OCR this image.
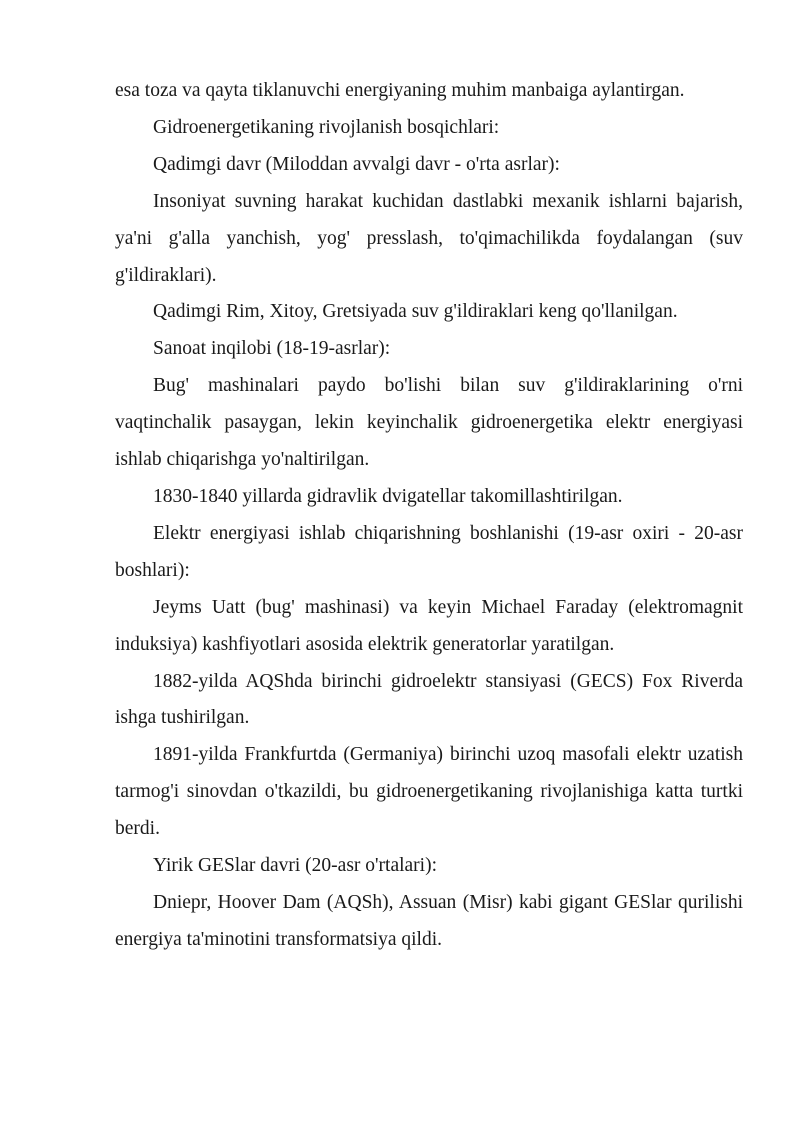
esa toza va qayta tiklanuvchi energiyaning muhim manbaiga aylantirgan.

Gidroenergetikaning rivojlanish bosqichlari:

Qadimgi davr (Miloddan avvalgi davr - o'rta asrlar):

Insoniyat suvning harakat kuchidan dastlabki mexanik ishlarni bajarish, ya'ni g'alla yanchish, yog' presslash, to'qimachilikda foydalangan (suv g'ildiraklari).

Qadimgi Rim, Xitoy, Gretsiyada suv g'ildiraklari keng qo'llanilgan.

Sanoat inqilobi (18-19-asrlar):

Bug' mashinalari paydo bo'lishi bilan suv g'ildiraklarining o'rni vaqtinchalik pasaygan, lekin keyinchalik gidroenergetika elektr energiyasi ishlab chiqarishga yo'naltirilgan.

1830-1840 yillarda gidravlik dvigatellar takomillashtirilgan.

Elektr energiyasi ishlab chiqarishning boshlanishi (19-asr oxiri - 20-asr boshlari):

Jeyms Uatt (bug' mashinasi) va keyin Michael Faraday (elektromagnit induksiya) kashfiyotlari asosida elektrik generatorlar yaratilgan.

1882-yilda AQShda birinchi gidroelektr stansiyasi (GECS) Fox Riverda ishga tushirilgan.

1891-yilda Frankfurtda (Germaniya) birinchi uzoq masofali elektr uzatish tarmog'i sinovdan o'tkazildi, bu gidroenergetikaning rivojlanishiga katta turtki berdi.

Yirik GESlar davri (20-asr o'rtalari):

Dniepr, Hoover Dam (AQSh), Assuan (Misr) kabi gigant GESlar qurilishi energiya ta'minotini transformatsiya qildi.
